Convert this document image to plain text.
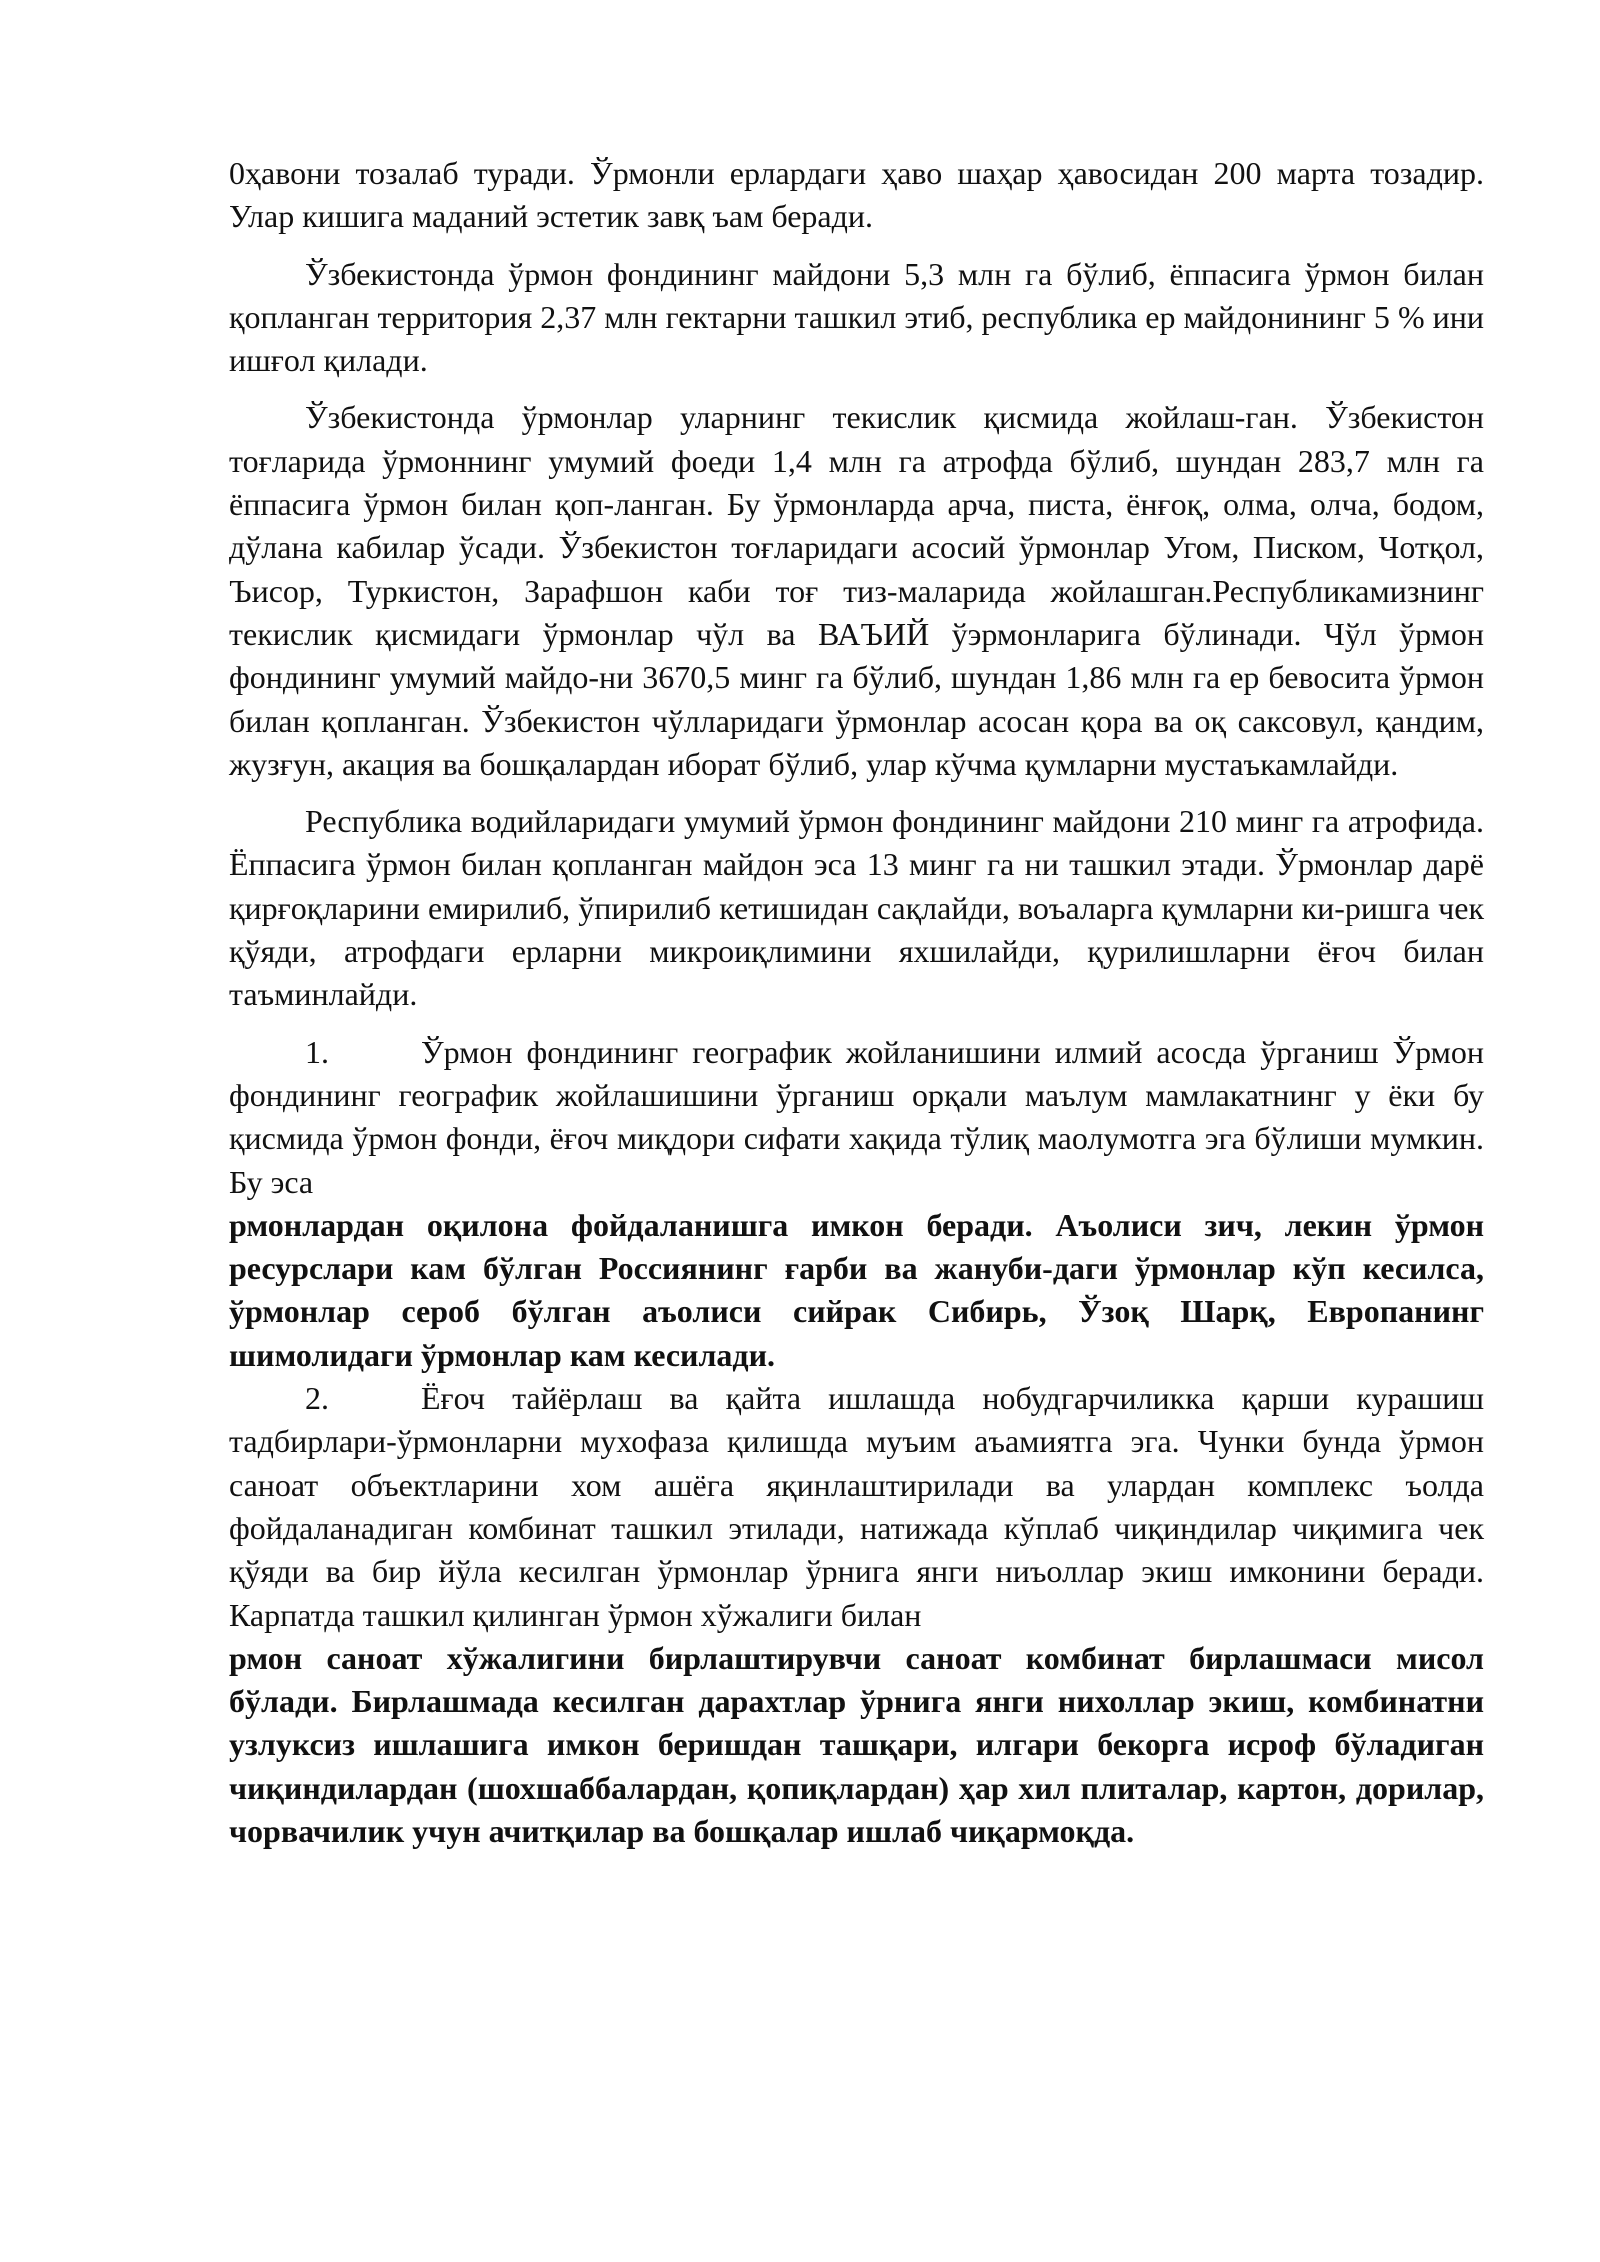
0ҳавони тозалаб туради. Ўрмонли ерлардаги ҳаво шаҳар ҳавосидан 200 марта тозадир. Улар кишига маданий эстетик завқ ъам беради.

Ўзбекистонда ўрмон фондининг майдони 5,3 млн га бўлиб, ёппасига ўрмон билан қопланган территория 2,37 млн гектарни ташкил этиб, республика ер майдонининг 5 % ини ишғол қилади.

Ўзбекистонда ўрмонлар уларнинг текислик қисмида жойлаш-ган. Ўзбекистон тоғларида ўрмоннинг умумий фоеди 1,4 млн га атрофда бўлиб, шундан 283,7 млн га ёппасига ўрмон билан қоп-ланган. Бу ўрмонларда арча, писта, ёнғоқ, олма, олча, бодом, дўлана кабилар ўсади. Ўзбекистон тоғларидаги асосий ўрмонлар Угом, Писком, Чотқол, Ъисор, Туркистон, Зарафшон каби тоғ тиз-маларида жойлашган.Республикамизнинг текислик қисмидаги ўрмонлар чўл ва ВАЪИЙ ўэрмонларига бўлинади. Чўл ўрмон фондининг умумий майдо-ни 3670,5 минг га бўлиб, шундан 1,86 млн га ер бевосита ўрмон билан қопланган. Ўзбекистон чўлларидаги ўрмонлар асосан қора ва оқ саксовул, қандим, жузғун, акация ва бошқалардан иборат бўлиб, улар кўчма қумларни мустаъкамлайди.

Республика водийларидаги умумий ўрмон фондининг майдони 210 минг га атрофида. Ёппасига ўрмон билан қопланган майдон эса 13 минг гa ни ташкил этади. Ўрмонлар дарё қирғоқларини емирилиб, ўпирилиб кетишидан сақлайди, воъаларга қумларни ки-ришга чек қўяди, атрофдаги ерларни микроиқлимини яхшилайди, қурилишларни ёғоч билан таъминлайди.

1.	Ўрмон фондининг географик жойланишини илмий асосда ўрганиш Ўрмон фондининг географик жойлашишини ўрганиш орқали маълум мамлакатнинг у ёки бу қисмида ўрмон фонди, ёғоч миқдори сифати хақида тўлиқ маолумотга эга бўлиши мумкин. Бу эса

рмонлардан оқилона фойдаланишга имкон беради. Аъолиси зич, лекин ўрмон ресурслари кам бўлган Россиянинг ғарби ва жануби-даги ўрмонлар кўп кесилса, ўрмонлар сероб бўлган аъолиси сийрак Сибирь, Ўзоқ Шарқ, Европанинг шимолидаги ўрмонлар кам кесилади.

2.	Ёғоч тайёрлаш ва қайта ишлашда нобудгарчиликка қарши курашиш тадбирлари-ўрмонларни мухофаза қилишда муъим аъамиятга эга. Чунки бунда ўрмон саноат объектларини хом ашёга яқинлаштирилади ва улардан комплекс ъолда фойдаланадиган комбинат ташкил этилади, натижада кўплаб чиқиндилар чиқимига чек қўяди ва бир йўла кесилган ўрмонлар ўрнига янги ниъоллар экиш имконини беради. Карпатда ташкил қилинган ўрмон хўжалиги билан

рмон саноат хўжалигини бирлаштирувчи саноат комбинат бирлашмаси мисол бўлади. Бирлашмада кесилган дарахтлар ўрнига янги нихоллар экиш, комбинатни узлуксиз ишлашига имкон беришдан ташқари, илгари бекорга исроф бўладиган чиқиндилардан (шохшаббалардан, қопиқлардан) ҳар хил плиталар, картон, дорилар, чорвачилик учун ачитқилар ва бошқалар ишлаб чиқармоқда.
